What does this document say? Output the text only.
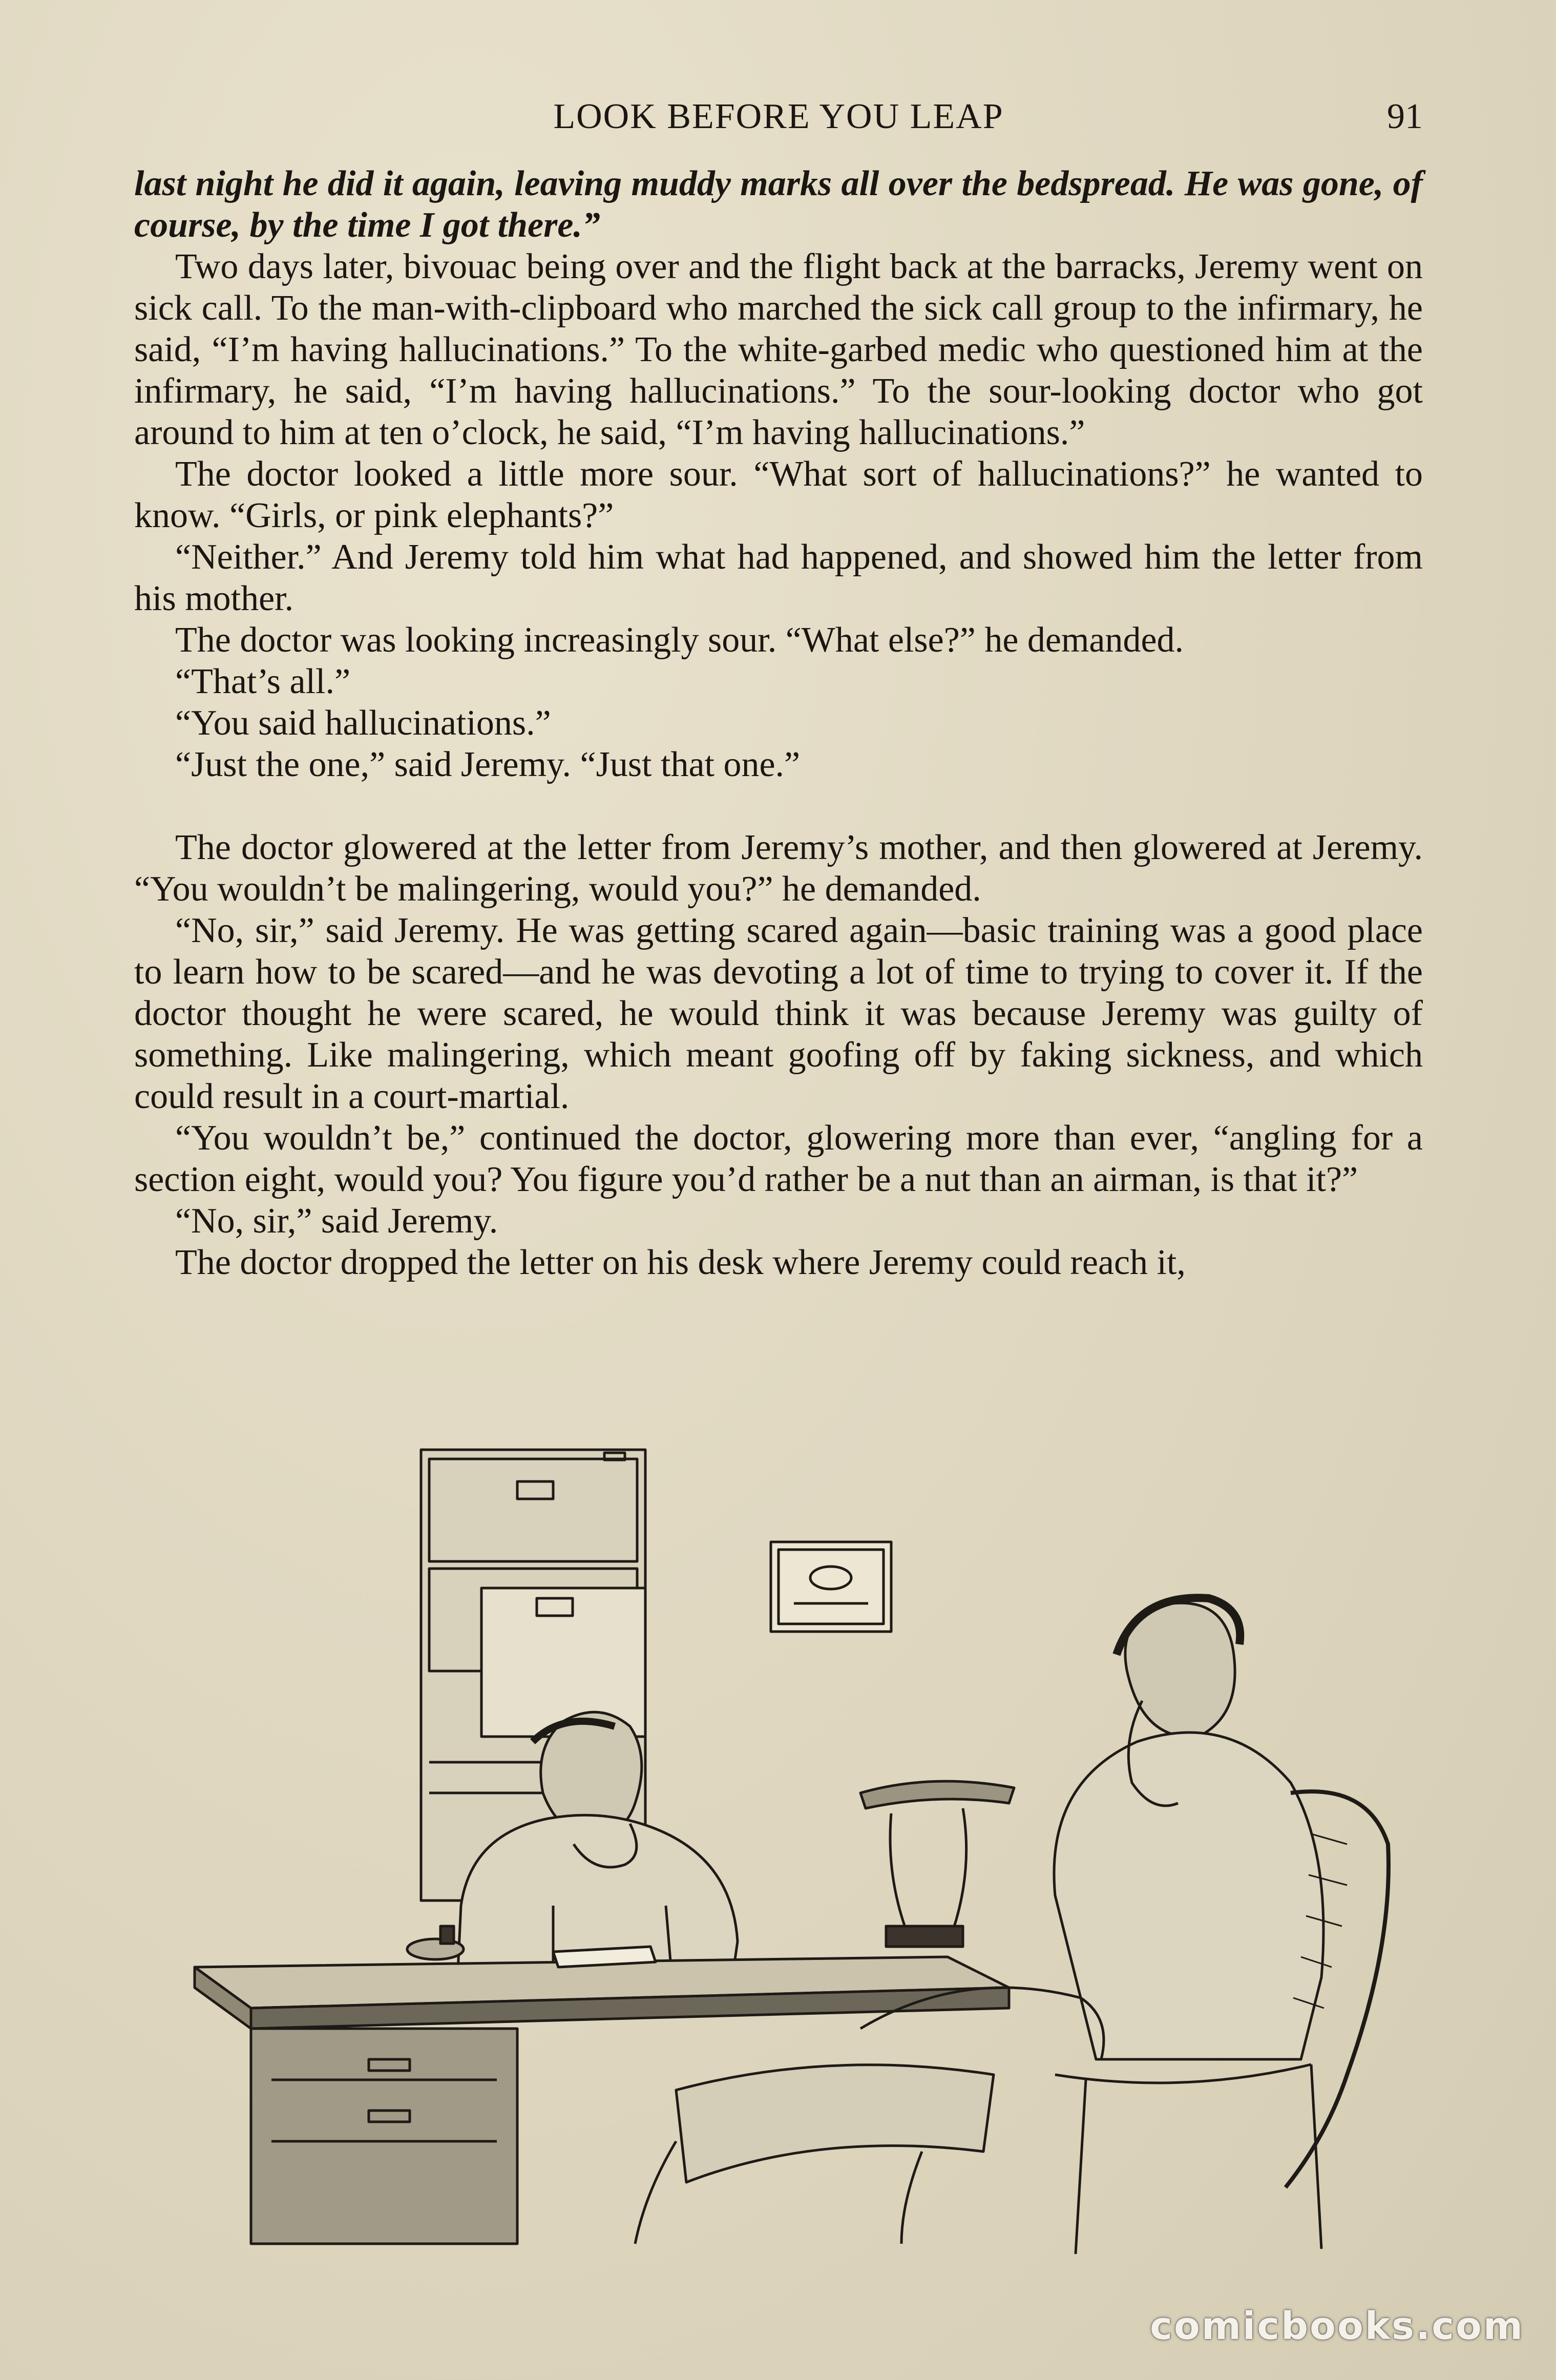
LOOK BEFORE YOU LEAP	91

last night he did it again, leaving muddy marks all over the bedspread. He was gone, of course, by the time I got there.”

Two days later, bivouac being over and the flight back at the barracks, Jeremy went on sick call. To the man-with-clipboard who marched the sick call group to the infirmary, he said, “I’m having hallucinations.” To the white-garbed medic who questioned him at the infirmary, he said, “I’m having hallucinations.” To the sour-looking doctor who got around to him at ten o’clock, he said, “I’m having hallucinations.”

The doctor looked a little more sour. “What sort of hallucinations?” he wanted to know. “Girls, or pink elephants?”

“Neither.” And Jeremy told him what had happened, and showed him the letter from his mother.

The doctor was looking increasingly sour. “What else?” he demanded.

“That’s all.”

“You said hallucinations.”

“Just the one,” said Jeremy. “Just that one.”

The doctor glowered at the letter from Jeremy’s mother, and then glowered at Jeremy. “You wouldn’t be malingering, would you?” he demanded.

“No, sir,” said Jeremy. He was getting scared again—basic training was a good place to learn how to be scared—and he was devoting a lot of time to trying to cover it. If the doctor thought he were scared, he would think it was because Jeremy was guilty of something. Like malingering, which meant goofing off by faking sickness, and which could result in a court-martial.

“You wouldn’t be,” continued the doctor, glowering more than ever, “angling for a section eight, would you? You figure you’d rather be a nut than an airman, is that it?”

“No, sir,” said Jeremy.

The doctor dropped the letter on his desk where Jeremy could reach it,

comicbooks.com
